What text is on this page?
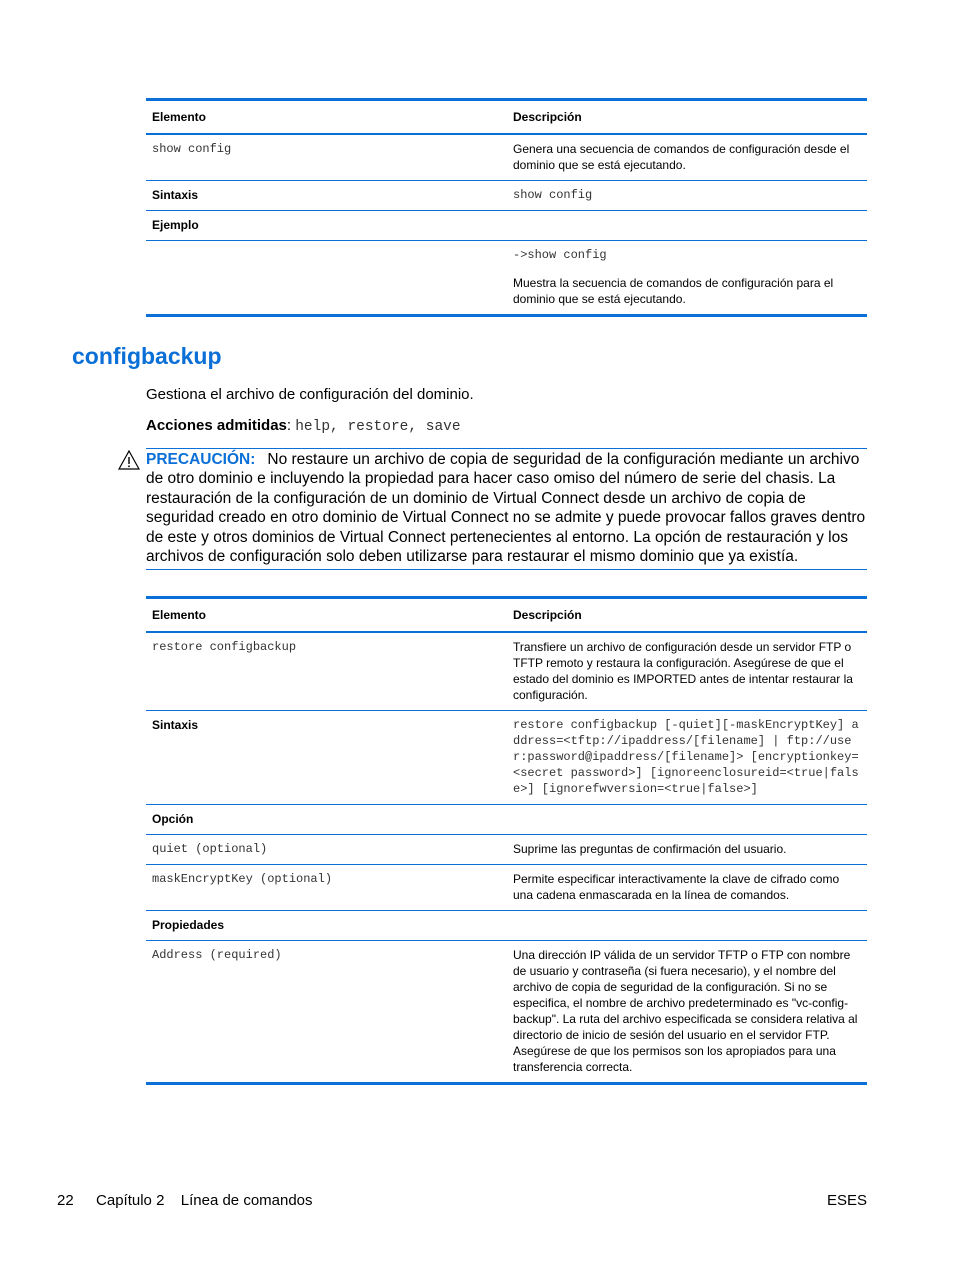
Elemento	Descripción
show config	Genera una secuencia de comandos de configuración desde el dominio que se está ejecutando.
Sintaxis	show config
Ejemplo	

	->show config
Muestra la secuencia de comandos de configuración para el dominio que se está ejecutando.
configbackup
Gestiona el archivo de configuración del dominio.
Acciones admitidas: help, restore, save
PRECAUCIÓN: No restaure un archivo de copia de seguridad de la configuración mediante un archivo de otro dominio e incluyendo la propiedad para hacer caso omiso del número de serie del chasis. La restauración de la configuración de un dominio de Virtual Connect desde un archivo de copia de seguridad creado en otro dominio de Virtual Connect no se admite y puede provocar fallos graves dentro de este y otros dominios de Virtual Connect pertenecientes al entorno. La opción de restauración y los archivos de configuración solo deben utilizarse para restaurar el mismo dominio que ya existía.
Elemento	Descripción
restore configbackup	Transfiere un archivo de configuración desde un servidor FTP o TFTP remoto y restaura la configuración. Asegúrese de que el estado del dominio es IMPORTED antes de intentar restaurar la configuración.
Sintaxis	restore configbackup [-quiet][-maskEncryptKey] address=<tftp://ipaddress/[filename] | ftp://user:password@ipaddress/[filename]> [encryptionkey=<secret password>] [ignoreenclosureid=<true|false>] [ignorefwversion=<true|false>]
Opción	
quiet (optional)	Suprime las preguntas de confirmación del usuario.
maskEncryptKey (optional)	Permite especificar interactivamente la clave de cifrado como una cadena enmascarada en la línea de comandos.
Propiedades	
Address (required)	Una dirección IP válida de un servidor TFTP o FTP con nombre de usuario y contraseña (si fuera necesario), y el nombre del archivo de copia de seguridad de la configuración. Si no se especifica, el nombre de archivo predeterminado es "vc-config-backup". La ruta del archivo especificada se considera relativa al directorio de inicio de sesión del usuario en el servidor FTP. Asegúrese de que los permisos son los apropiados para una transferencia correcta.
22 Capítulo 2 Línea de comandos	ESES
